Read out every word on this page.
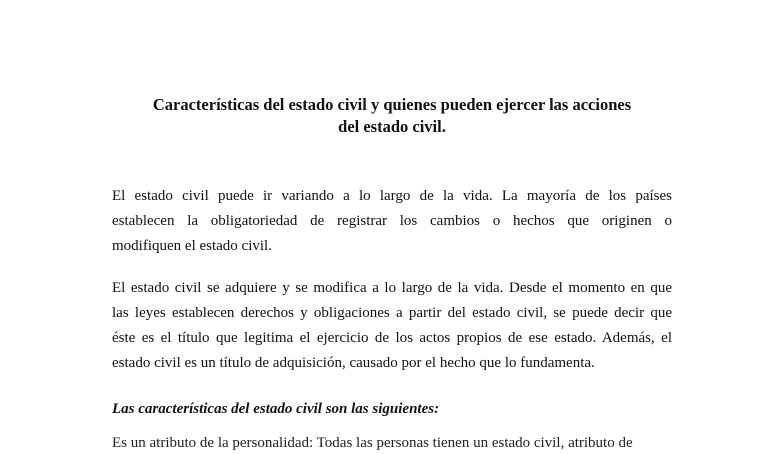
Características del estado civil y quienes pueden ejercer las acciones
del estado civil.

El estado civil puede ir variando a lo largo de la vida. La mayoría de los países
establecen la obligatoriedad de registrar los cambios o hechos que originen o
modifiquen el estado civil.

El estado civil se adquiere y se modifica a lo largo de la vida. Desde el momento en que
las leyes establecen derechos y obligaciones a partir del estado civil, se puede decir que
éste es el título que legitima el ejercicio de los actos propios de ese estado. Además, el
estado civil es un título de adquisición, causado por el hecho que lo fundamenta.

Las características del estado civil son las siguientes:

Es un atributo de la personalidad: Todas las personas tienen un estado civil, atributo de
